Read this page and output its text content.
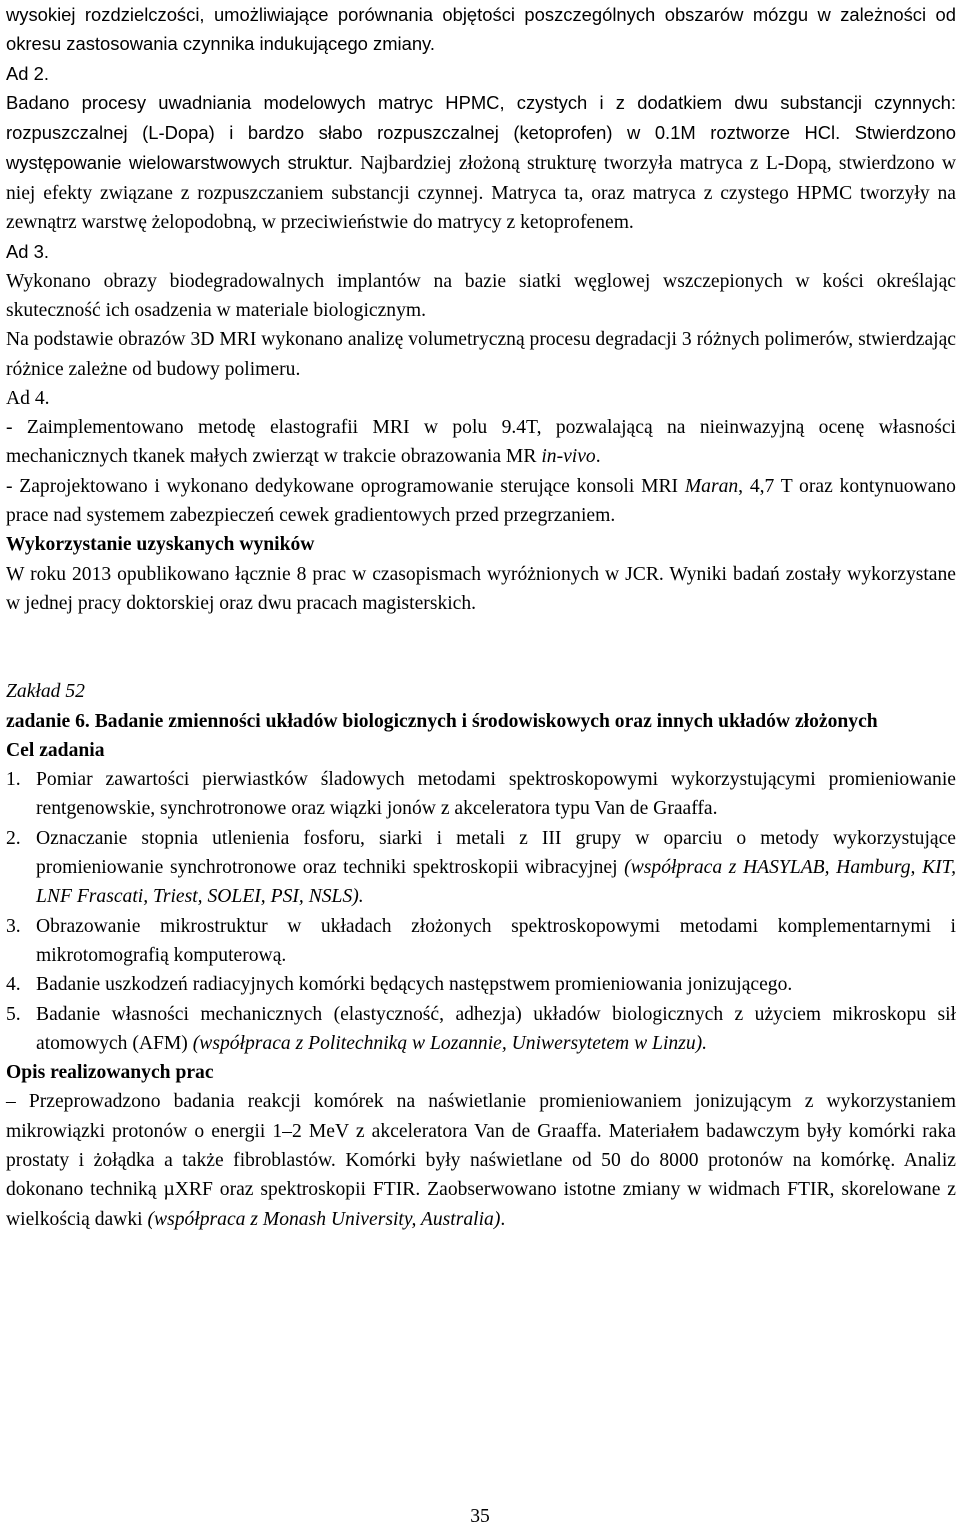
wysokiej rozdzielczości, umożliwiające porównania objętości poszczególnych obszarów mózgu w zależności od okresu zastosowania czynnika indukującego zmiany.
Ad 2.
Badano procesy uwadniania modelowych matryc HPMC, czystych i z dodatkiem dwu substancji czynnych: rozpuszczalnej (L-Dopa) i bardzo słabo rozpuszczalnej (ketoprofen) w 0.1M roztworze HCl. Stwierdzono występowanie wielowarstwowych struktur. Najbardziej złożoną strukturę tworzyła matryca z L-Dopą, stwierdzono w niej efekty związane z rozpuszczaniem substancji czynnej. Matryca ta, oraz matryca z czystego HPMC tworzyły na zewnątrz warstwę żelopodobną, w przeciwieństwie do matrycy z ketoprofenem.
Ad 3.
Wykonano obrazy biodegradowalnych implantów na bazie siatki węglowej wszczepionych w kości określając skuteczność ich osadzenia w materiale biologicznym.
Na podstawie obrazów 3D MRI wykonano analizę volumetryczną procesu degradacji 3 różnych polimerów, stwierdzając różnice zależne od budowy polimeru.
Ad 4.
- Zaimplementowano metodę elastografii MRI w polu 9.4T, pozwalającą na nieinwazyjną ocenę własności mechanicznych tkanek małych zwierząt w trakcie obrazowania MR in-vivo.
- Zaprojektowano i wykonano dedykowane oprogramowanie sterujące konsoli MRI Maran, 4,7 T oraz kontynuowano prace nad systemem zabezpieczeń cewek gradientowych przed przegrzaniem.
Wykorzystanie uzyskanych wyników
W roku 2013 opublikowano łącznie 8 prac w czasopismach wyróżnionych w JCR. Wyniki badań zostały wykorzystane w jednej pracy doktorskiej oraz dwu pracach magisterskich.
Zakład 52
zadanie 6. Badanie zmienności układów biologicznych i środowiskowych oraz innych układów złożonych
Cel zadania
1. Pomiar zawartości pierwiastków śladowych metodami spektroskopowymi wykorzystującymi promieniowanie rentgenowskie, synchrotronowe oraz wiązki jonów z akceleratora typu Van de Graaffa.
2. Oznaczanie stopnia utlenienia fosforu, siarki i metali z III grupy w oparciu o metody wykorzystujące promieniowanie synchrotronowe oraz techniki spektroskopii wibracyjnej (współpraca z HASYLAB, Hamburg, KIT, LNF Frascati, Triest, SOLEI, PSI, NSLS).
3. Obrazowanie mikrostruktur w układach złożonych spektroskopowymi metodami komplementarnymi i mikrotomografią komputerową.
4. Badanie uszkodzeń radiacyjnych komórki będących następstwem promieniowania jonizującego.
5. Badanie własności mechanicznych (elastyczność, adhezja) układów biologicznych z użyciem mikroskopu sił atomowych (AFM) (współpraca z Politechniką w Lozannie, Uniwersytetem w Linzu).
Opis realizowanych prac
– Przeprowadzono badania reakcji komórek na naświetlanie promieniowaniem jonizującym z wykorzystaniem mikrowiązki protonów o energii 1–2 MeV z akceleratora Van de Graaffa. Materiałem badawczym były komórki raka prostaty i żołądka a także fibroblastów. Komórki były naświetlane od 50 do 8000 protonów na komórkę. Analiz dokonano techniką µXRF oraz spektroskopii FTIR. Zaobserwowano istotne zmiany w widmach FTIR, skorelowane z wielkością dawki (współpraca z Monash University, Australia).
35
